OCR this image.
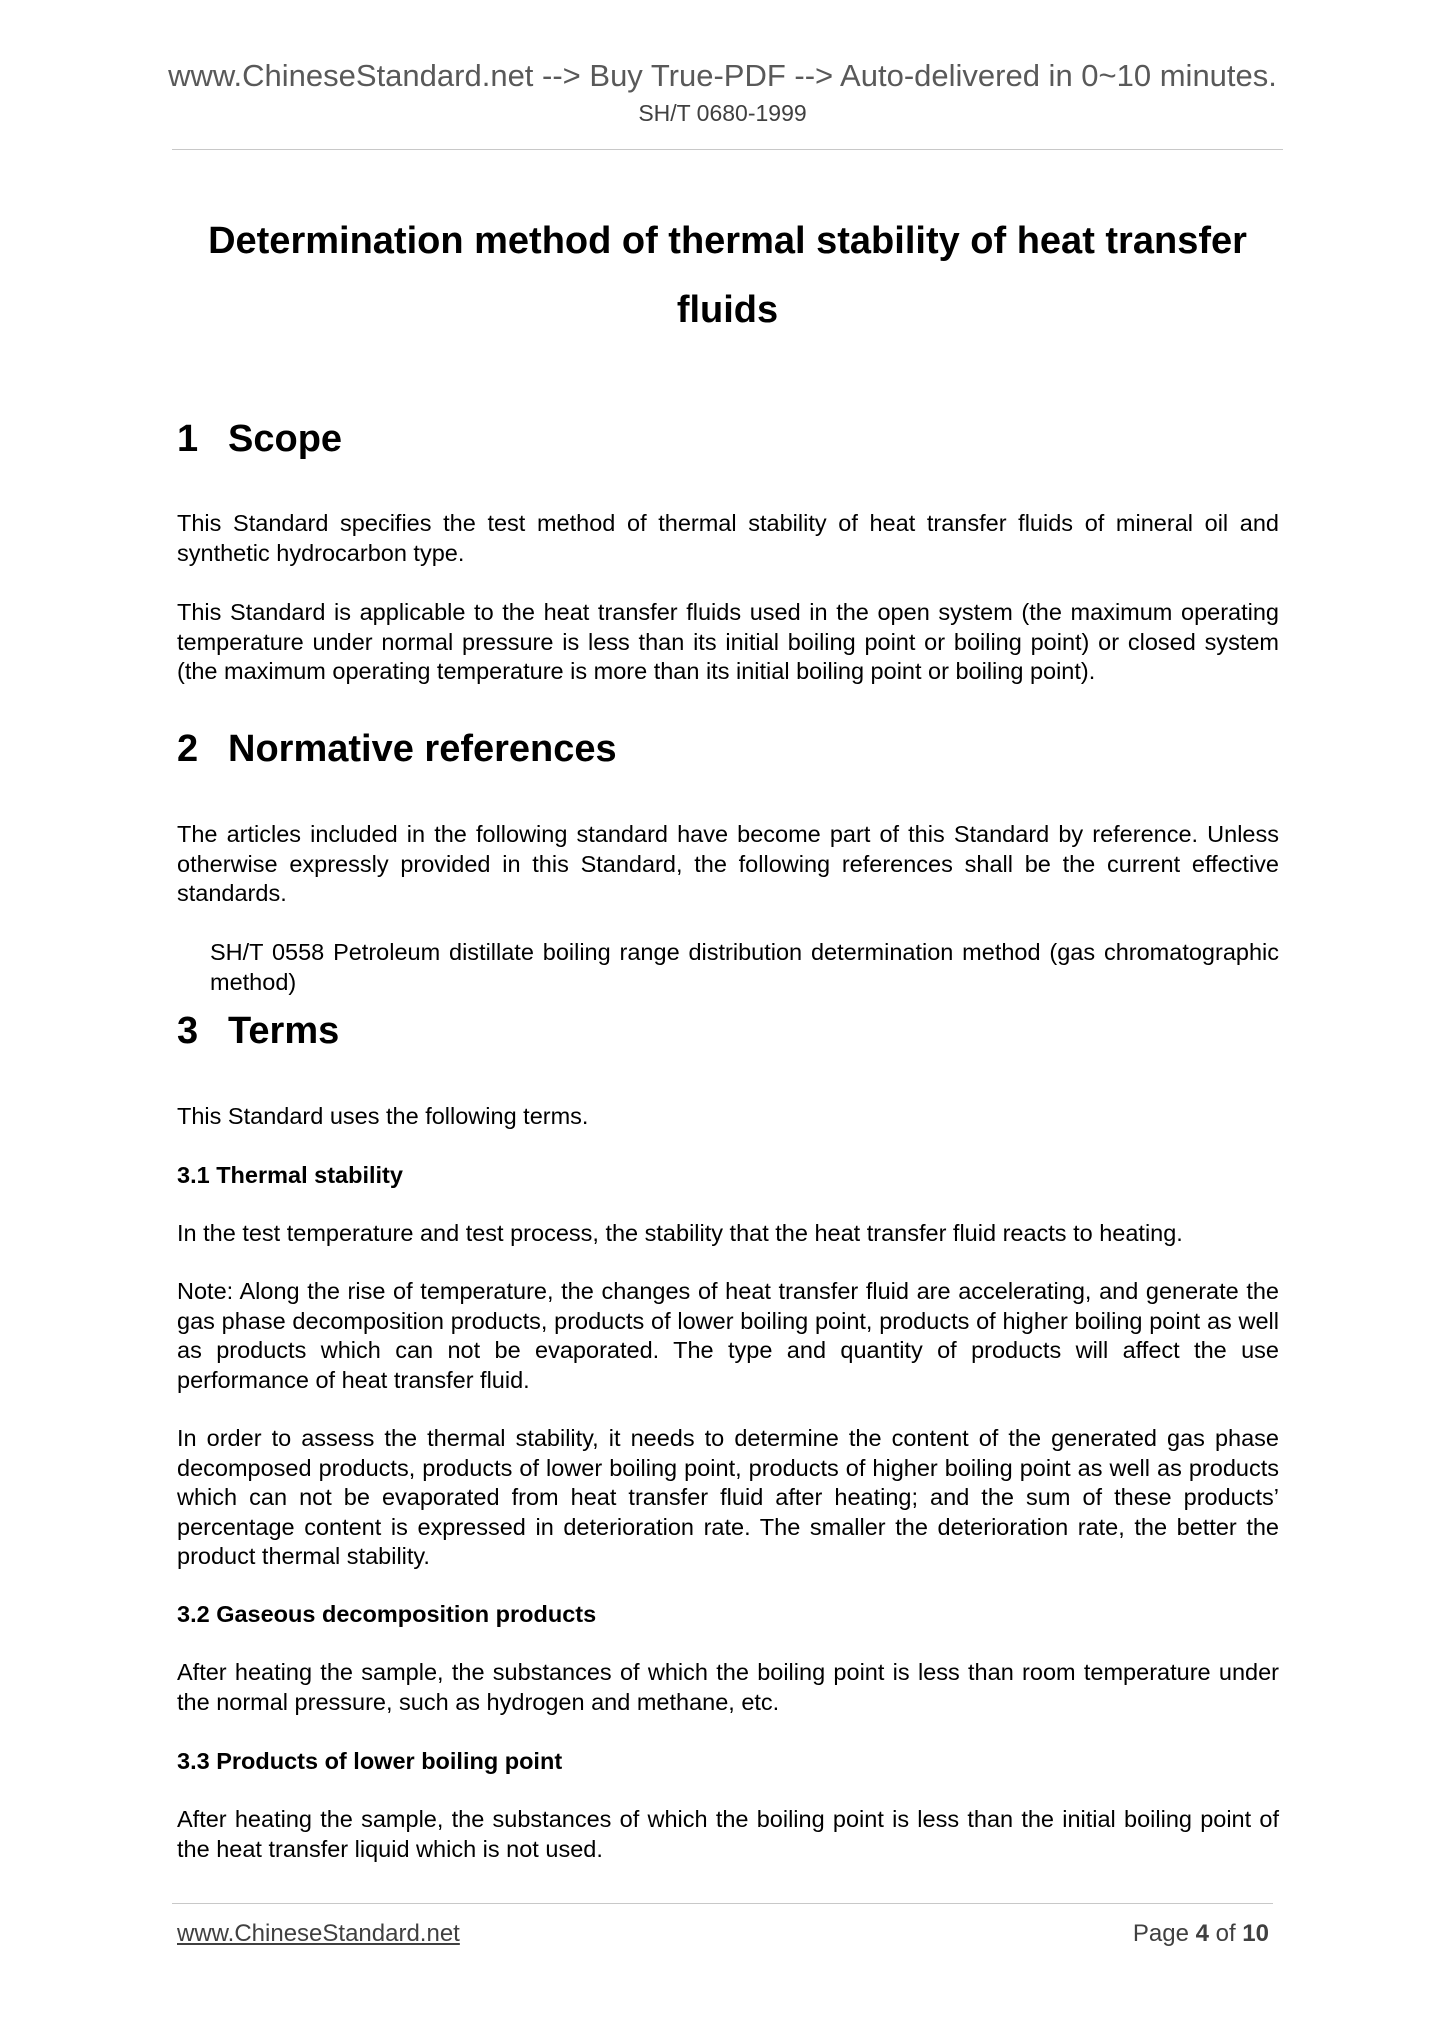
www.ChineseStandard.net --> Buy True-PDF --> Auto-delivered in 0~10 minutes.
SH/T 0680-1999
Determination method of thermal stability of heat transfer fluids
1 Scope

This Standard specifies the test method of thermal stability of heat transfer fluids of mineral oil and synthetic hydrocarbon type.

This Standard is applicable to the heat transfer fluids used in the open system (the maximum operating temperature under normal pressure is less than its initial boiling point or boiling point) or closed system (the maximum operating temperature is more than its initial boiling point or boiling point).

2 Normative references

The articles included in the following standard have become part of this Standard by reference. Unless otherwise expressly provided in this Standard, the following references shall be the current effective standards.

SH/T 0558 Petroleum distillate boiling range distribution determination method (gas chromatographic method)

3 Terms

This Standard uses the following terms.

3.1 Thermal stability

In the test temperature and test process, the stability that the heat transfer fluid reacts to heating.

Note: Along the rise of temperature, the changes of heat transfer fluid are accelerating, and generate the gas phase decomposition products, products of lower boiling point, products of higher boiling point as well as products which can not be evaporated. The type and quantity of products will affect the use performance of heat transfer fluid.

In order to assess the thermal stability, it needs to determine the content of the generated gas phase decomposed products, products of lower boiling point, products of higher boiling point as well as products which can not be evaporated from heat transfer fluid after heating; and the sum of these products’ percentage content is expressed in deterioration rate. The smaller the deterioration rate, the better the product thermal stability.

3.2 Gaseous decomposition products

After heating the sample, the substances of which the boiling point is less than room temperature under the normal pressure, such as hydrogen and methane, etc.

3.3 Products of lower boiling point

After heating the sample, the substances of which the boiling point is less than the initial boiling point of the heat transfer liquid which is not used.

www.ChineseStandard.net	Page 4 of 10
